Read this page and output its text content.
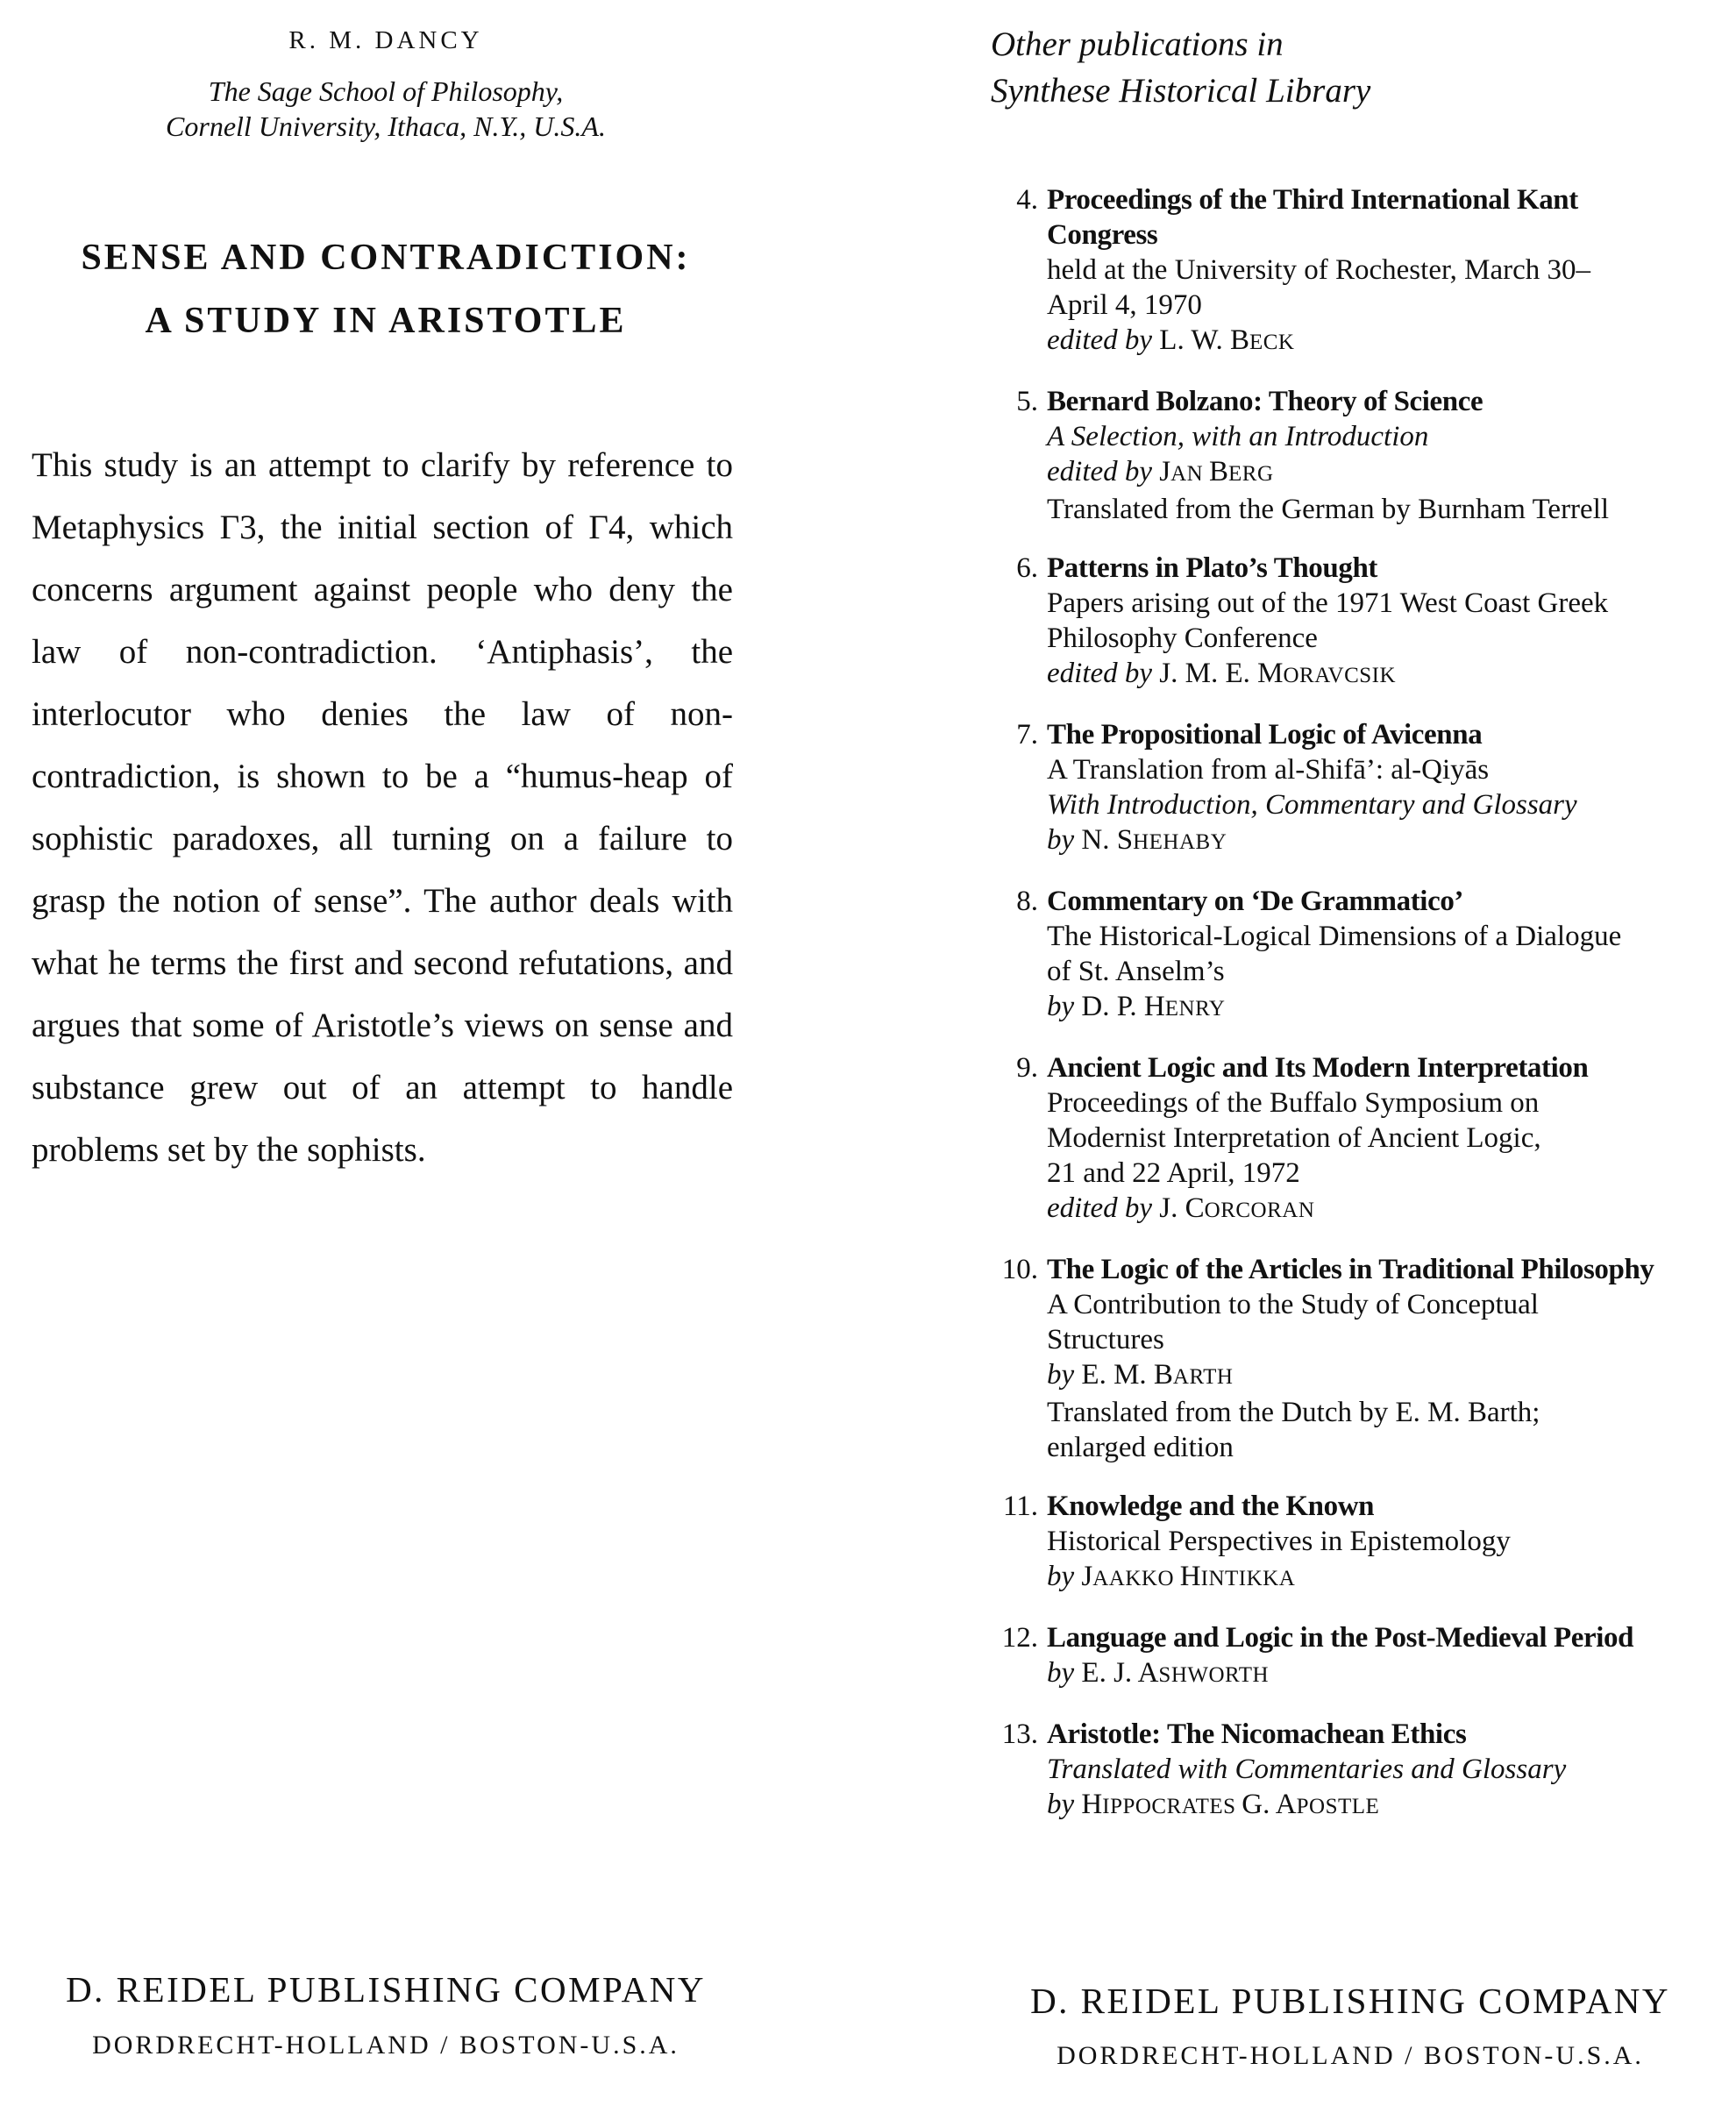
R. M. DANCY
The Sage School of Philosophy,
Cornell University, Ithaca, N.Y., U.S.A.
SENSE AND CONTRADICTION:
A STUDY IN ARISTOTLE
This study is an attempt to clarify by reference to Metaphysics Γ3, the initial section of Γ4, which concerns argument against people who deny the law of non-contradiction. ‘Antiphasis’, the interlocutor who denies the law of non-contradiction, is shown to be a “humus-heap of sophistic paradoxes, all turning on a failure to grasp the notion of sense”. The author deals with what he terms the first and second refutations, and argues that some of Aristotle’s views on sense and substance grew out of an attempt to handle problems set by the sophists.
D. REIDEL PUBLISHING COMPANY
DORDRECHT-HOLLAND / BOSTON-U.S.A.
Other publications in
Synthese Historical Library
4. Proceedings of the Third International Kant
Congress
held at the University of Rochester, March 30–
April 4, 1970
edited by L. W. BECK
5. Bernard Bolzano: Theory of Science
A Selection, with an Introduction
edited by JAN BERG
Translated from the German by Burnham Terrell
6. Patterns in Plato’s Thought
Papers arising out of the 1971 West Coast Greek
Philosophy Conference
edited by J. M. E. MORAVCSIK
7. The Propositional Logic of Avicenna
A Translation from al-Shifā’: al-Qiyās
With Introduction, Commentary and Glossary
by N. SHEHABY
8. Commentary on ‘De Grammatico’
The Historical-Logical Dimensions of a Dialogue
of St. Anselm’s
by D. P. HENRY
9. Ancient Logic and Its Modern Interpretation
Proceedings of the Buffalo Symposium on
Modernist Interpretation of Ancient Logic,
21 and 22 April, 1972
edited by J. CORCORAN
10. The Logic of the Articles in Traditional Philosophy
A Contribution to the Study of Conceptual
Structures
by E. M. BARTH
Translated from the Dutch by E. M. Barth;
enlarged edition
11. Knowledge and the Known
Historical Perspectives in Epistemology
by JAAKKO HINTIKKA
12. Language and Logic in the Post-Medieval Period
by E. J. ASHWORTH
13. Aristotle: The Nicomachean Ethics
Translated with Commentaries and Glossary
by HIPPOCRATES G. APOSTLE
D. REIDEL PUBLISHING COMPANY
DORDRECHT-HOLLAND / BOSTON-U.S.A.
